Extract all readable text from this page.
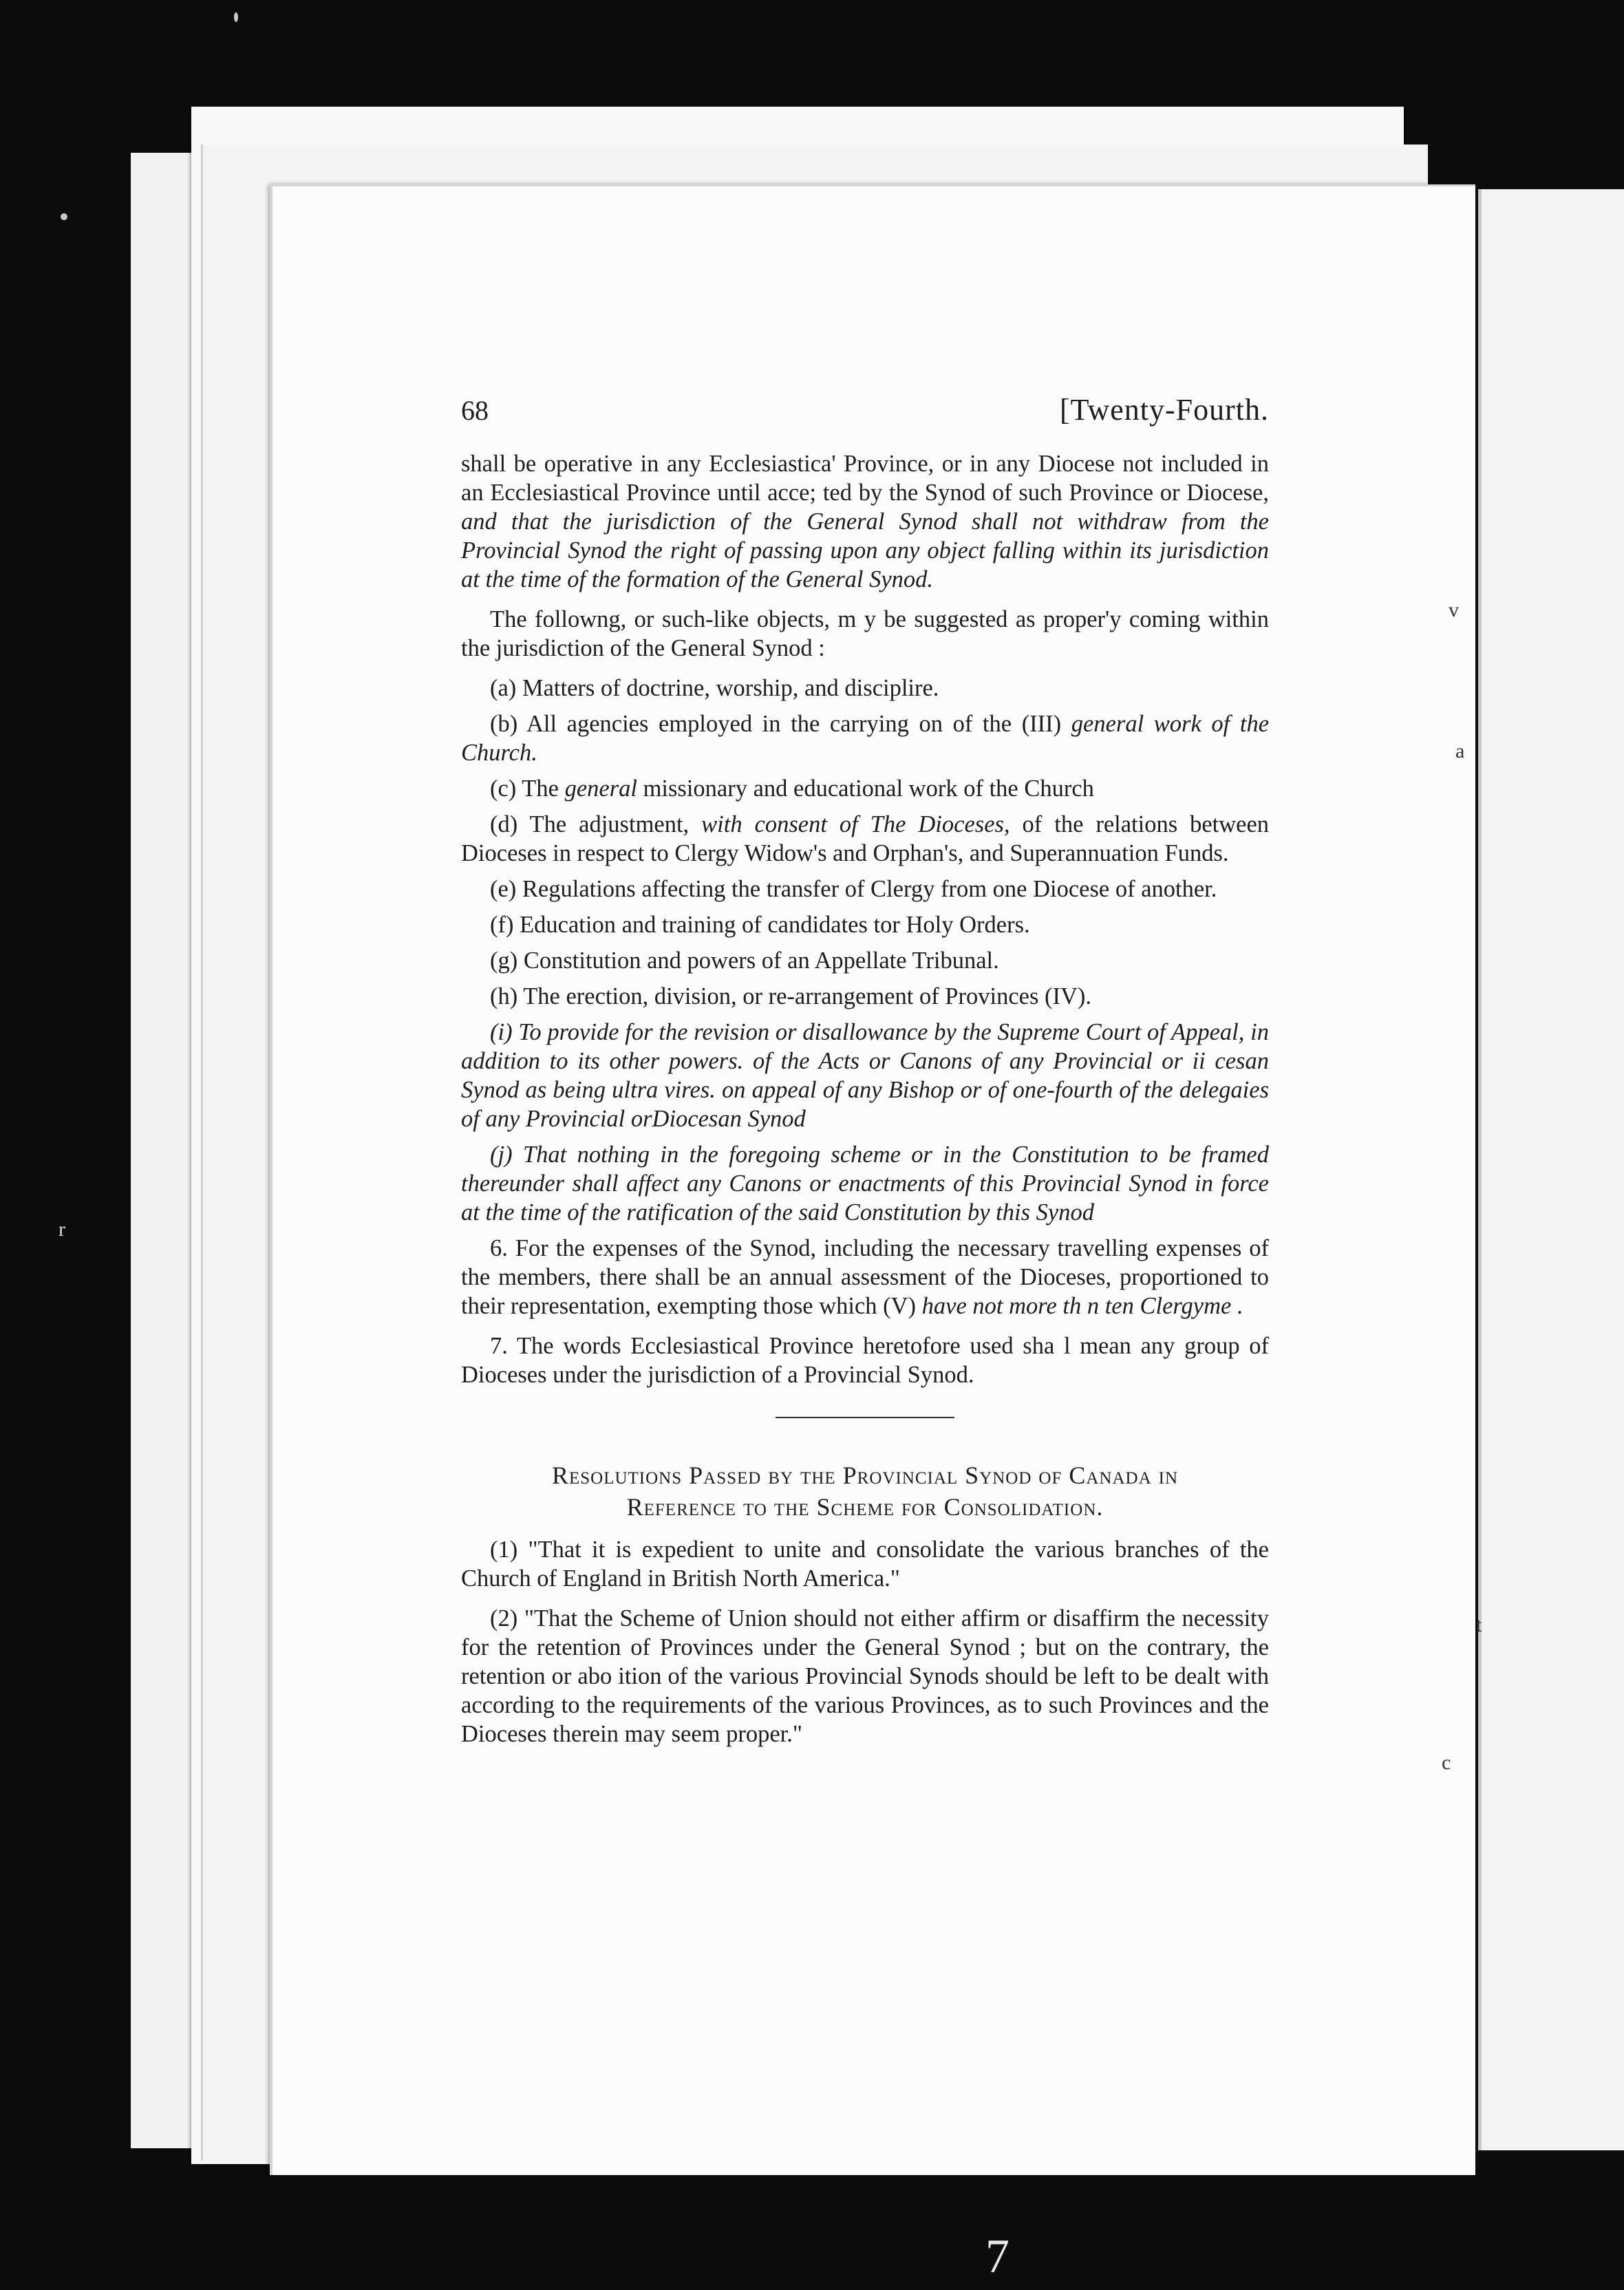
68	[Twenty-Fourth.

shall be operative in any Ecclesiastica' Province, or in any Diocese not included in an Ecclesiastical Province until acce; ted by the Synod of such Province or Diocese, and that the jurisdiction of the General Synod shall not withdraw from the Provincial Synod the right of passing upon any object falling within its jurisdiction at the time of the formation of the General Synod.

The followng, or such-like objects, m y be suggested as proper'y coming within the jurisdiction of the General Synod :

(a) Matters of doctrine, worship, and disciplire.

(b) All agencies employed in the carrying on of the (III) general work of the Church.

(c) The general missionary and educational work of the Church

(d) The adjustment, with consent of The Dioceses, of the relations between Dioceses in respect to Clergy Widow's and Orphan's, and Superannuation Funds.

(e) Regulations affecting the transfer of Clergy from one Diocese of another.

(f) Education and training of candidates tor Holy Orders.

(g) Constitution and powers of an Appellate Tribunal.

(h) The erection, division, or re-arrangement of Provinces (IV).

(i) To provide for the revision or disallowance by the Supreme Court of Appeal, in addition to its other powers. of the Acts or Canons of any Provincial or ii cesan Synod as being ultra vires. on appeal of any Bishop or of one-fourth of the delegaies of any Provincial orDiocesan Synod

(j) That nothing in the foregoing scheme or in the Constitution to be framed thereunder shall affect any Canons or enactments of this Provincial Synod in force at the time of the ratification of the said Constitution by this Synod

6. For the expenses of the Synod, including the necessary travelling expenses of the members, there shall be an annual assessment of the Dioceses, proportioned to their representation, exempting those which (V) have not more th n ten Clergyme .

7. The words Ecclesiastical Province heretofore used sha l mean any group of Dioceses under the jurisdiction of a Provincial Synod.

Resolutions Passed by the Provincial Synod of Canada in
Reference to the Scheme for Consolidation.

(1) "That it is expedient to unite and consolidate the various branches of the Church of England in British North America."

(2) "That the Scheme of Union should not either affirm or disaffirm the necessity for the retention of Provinces under the General Synod ; but on the contrary, the retention or abo ition of the various Provincial Synods should be left to be dealt with according to the requirements of the various Provinces, as to such Provinces and the Dioceses therein may seem proper."

v
a
r
t
c
7
